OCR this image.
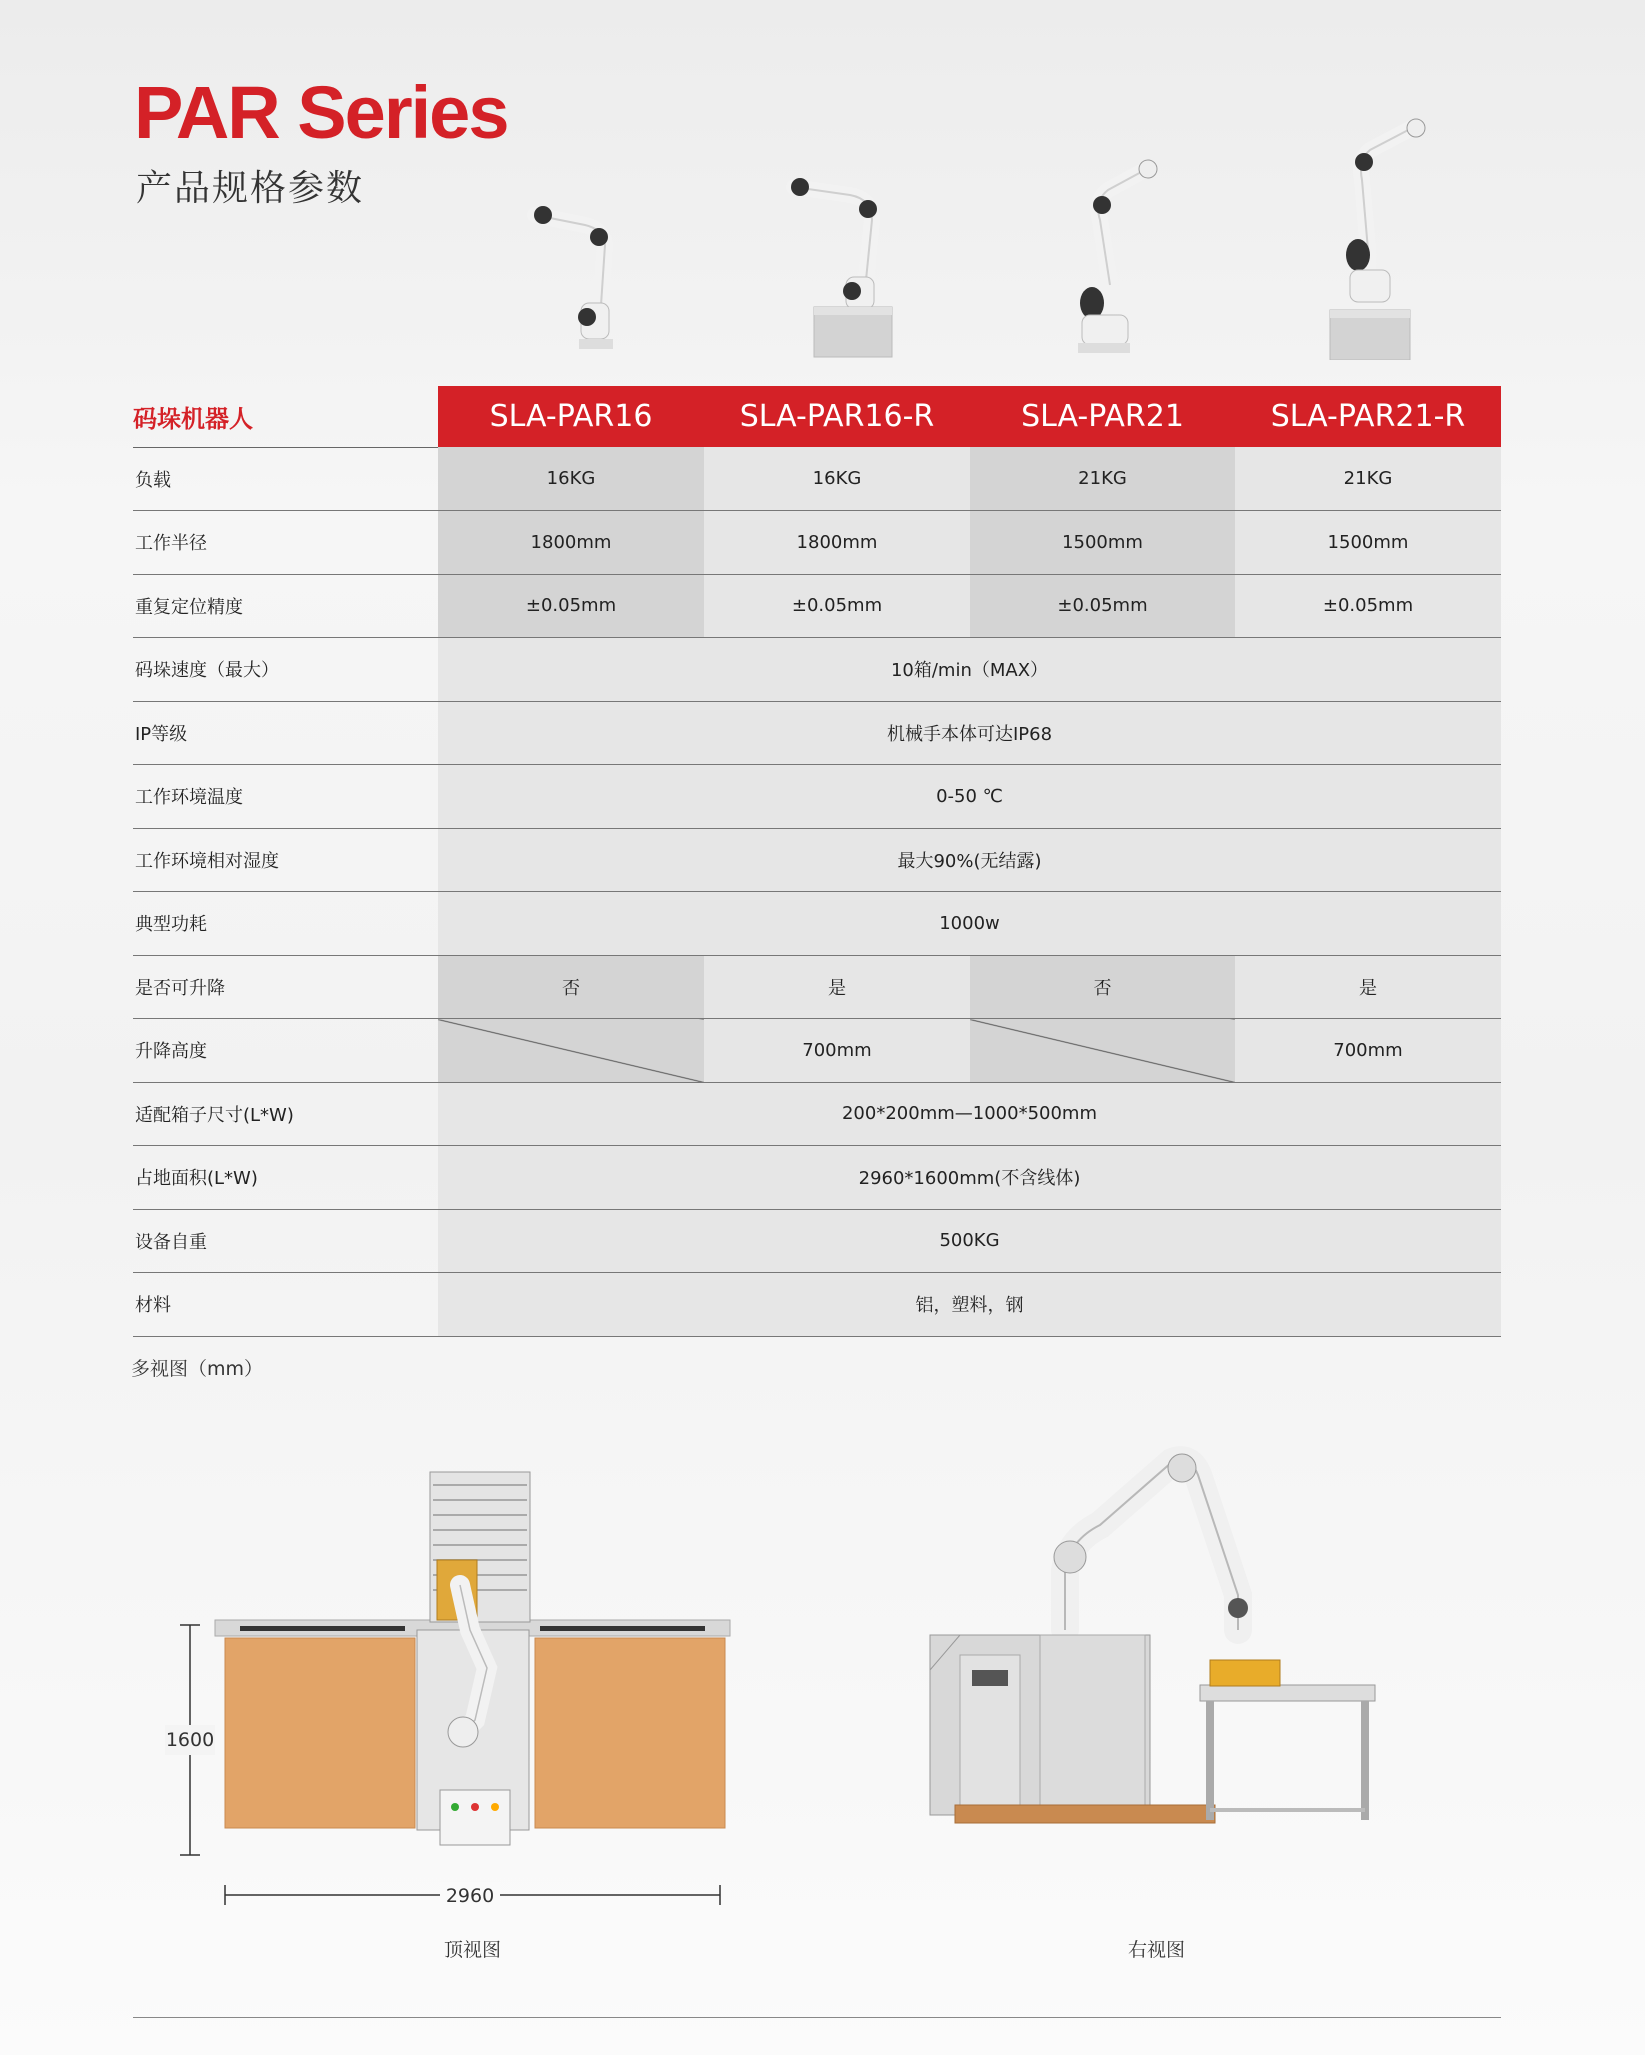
PAR Series
产品规格参数
码垛机器人	SLA-PAR16	SLA-PAR16-R	SLA-PAR21	SLA-PAR21-R
负载	16KG	16KG	21KG	21KG
工作半径	1800mm	1800mm	1500mm	1500mm
重复定位精度	±0.05mm	±0.05mm	±0.05mm	±0.05mm
码垛速度（最大）	10箱/min（MAX）			
IP等级	机械手本体可达IP68			
工作环境温度	0-50 ℃			
工作环境相对湿度	最大90%(无结露)			
典型功耗	1000w			
是否可升降	否	是	否	是
升降高度		700mm		700mm
适配箱子尺寸(L*W)	200*200mm—1000*500mm			
占地面积(L*W)	2960*1600mm(不含线体)			
设备自重	500KG			
材料	铝，塑料，钢			
多视图（mm）
1600
2960
顶视图	右视图
